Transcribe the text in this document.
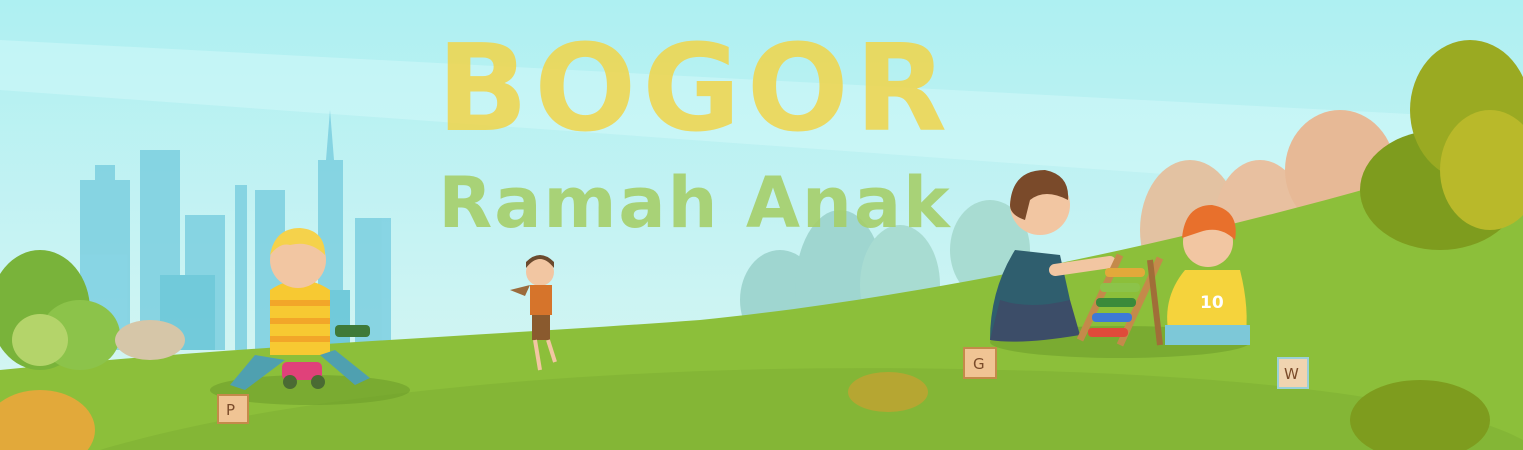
10
P
G
W
BOGOR
Ramah Anak
